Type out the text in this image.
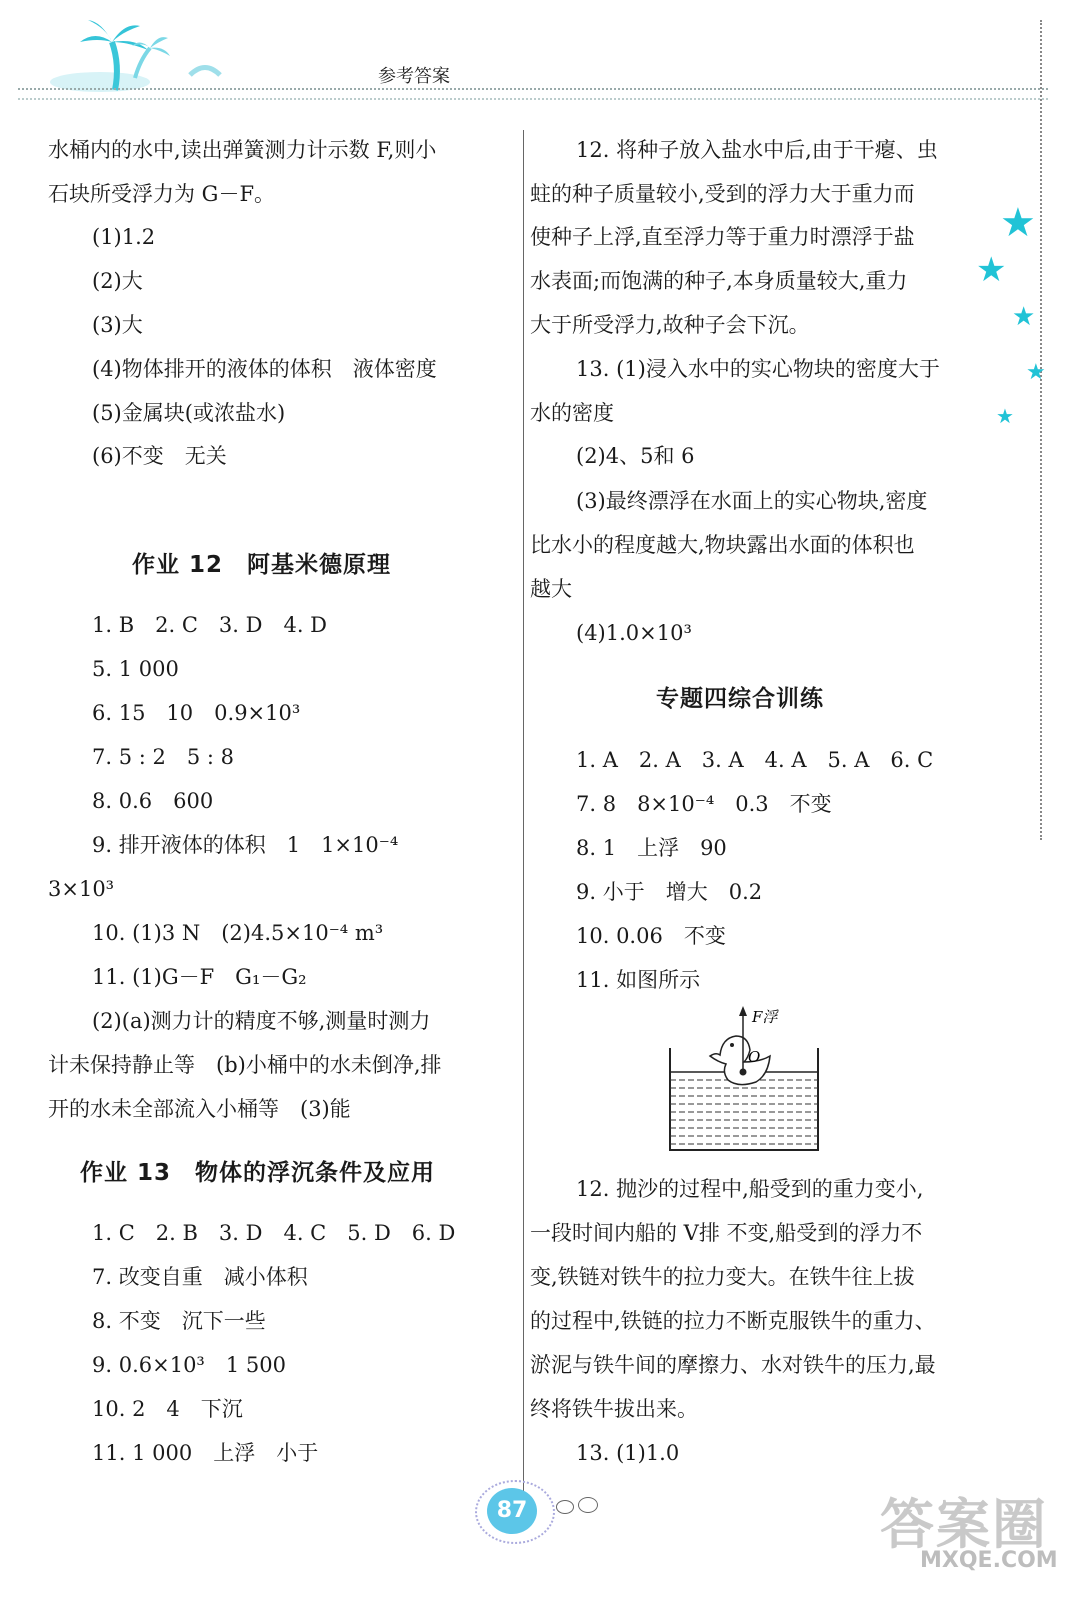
参考答案
★
★
★
★
★
水桶内的水中,读出弹簧测力计示数 F,则小
石块所受浮力为 G－F。
(1)1.2
(2)大
(3)大
(4)物体排开的液体的体积　液体密度
(5)金属块(或浓盐水)
(6)不变　无关
1. B　2. C　3. D　4. D
5. 1 000
6. 15　10　0.9×10³
7. 5 : 2　5 : 8
8. 0.6　600
9. 排开液体的体积　1　1×10⁻⁴
3×10³
10. (1)3 N　(2)4.5×10⁻⁴ m³
11. (1)G－F　G₁－G₂
(2)(a)测力计的精度不够,测量时测力
计未保持静止等　(b)小桶中的水未倒净,排
开的水未全部流入小桶等　(3)能
1. C　2. B　3. D　4. C　5. D　6. D
7. 改变自重　减小体积
8. 不变　沉下一些
9. 0.6×10³　1 500
10. 2　4　下沉
11. 1 000　上浮　小于
作业 12　阿基米德原理
作业 13　物体的浮沉条件及应用
12. 将种子放入盐水中后,由于干瘪、虫
蛀的种子质量较小,受到的浮力大于重力而
使种子上浮,直至浮力等于重力时漂浮于盐
水表面;而饱满的种子,本身质量较大,重力
大于所受浮力,故种子会下沉。
13. (1)浸入水中的实心物块的密度大于
水的密度
(2)4、5和 6
(3)最终漂浮在水面上的实心物块,密度
比水小的程度越大,物块露出水面的体积也
越大
(4)1.0×10³
1. A　2. A　3. A　4. A　5. A　6. C
7. 8　8×10⁻⁴　0.3　不变
8. 1　上浮　90
9. 小于　增大　0.2
10. 0.06　不变
11. 如图所示
12. 抛沙的过程中,船受到的重力变小,
一段时间内船的 V排 不变,船受到的浮力不
变,铁链对铁牛的拉力变大。在铁牛往上拔
的过程中,铁链的拉力不断克服铁牛的重力、
淤泥与铁牛间的摩擦力、水对铁牛的压力,最
终将铁牛拔出来。
13. (1)1.0
专题四综合训练
F浮
O
87	答案圈
MXQE.COM
